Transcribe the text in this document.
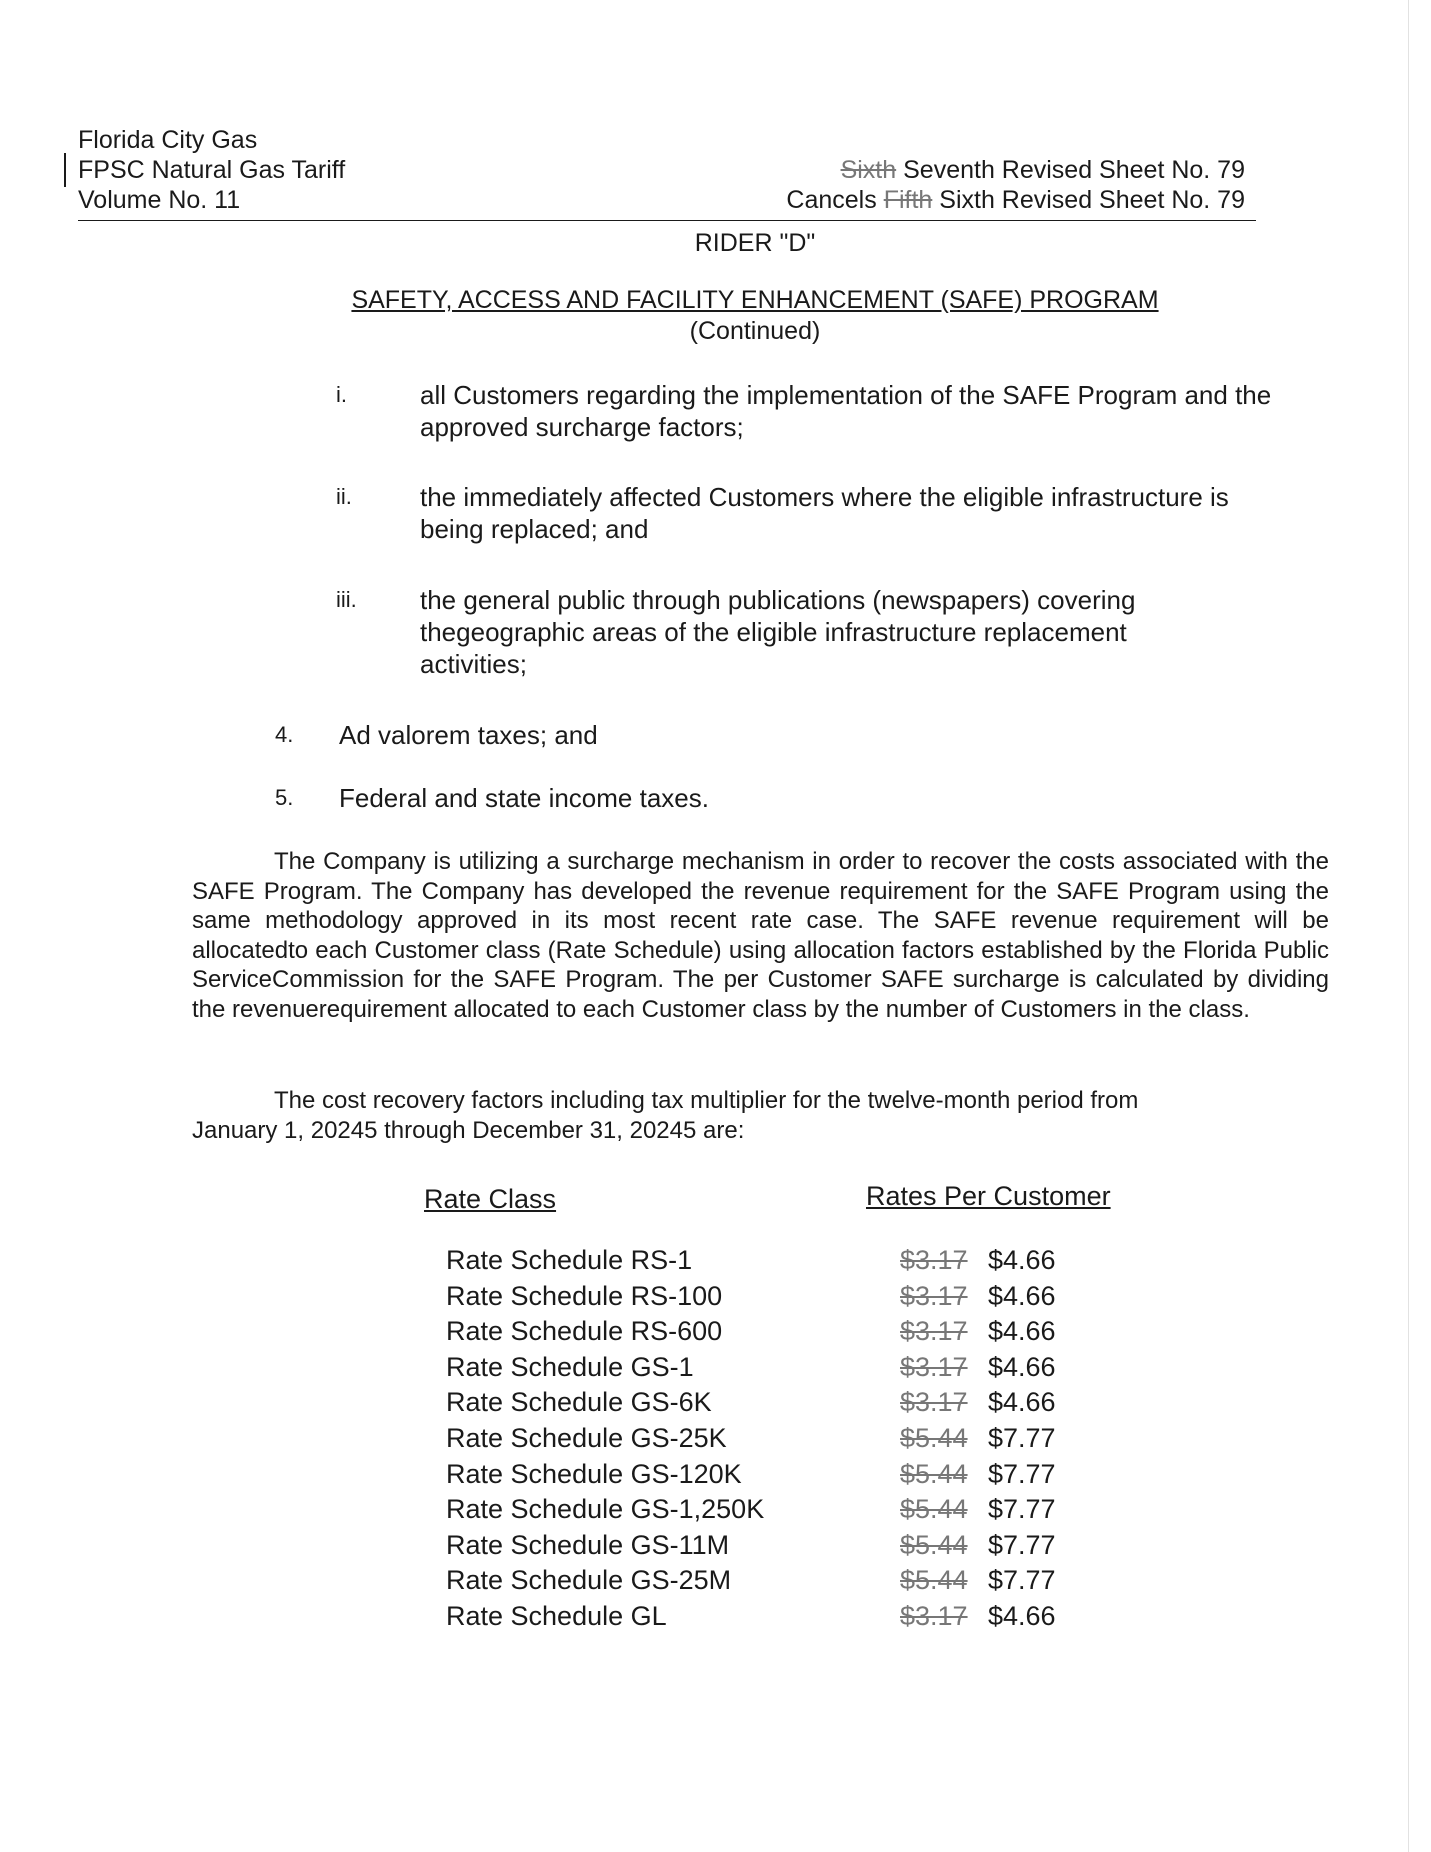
Florida City Gas
FPSC Natural Gas Tariff
Volume No. 11
Sixth Seventh Revised Sheet No. 79
Cancels Fifth Sixth Revised Sheet No. 79
RIDER "D"
SAFETY, ACCESS AND FACILITY ENHANCEMENT (SAFE) PROGRAM
(Continued)
i.	all Customers regarding the implementation of the SAFE Program and the approved surcharge factors;
ii.	the immediately affected Customers where the eligible infrastructure is being replaced; and
iii. the general public through publications (newspapers) covering thegeographic areas of the eligible infrastructure replacement activities;
4. Ad valorem taxes; and
5. Federal and state income taxes.

The Company is utilizing a surcharge mechanism in order to recover the costs associated with the SAFE Program. The Company has developed the revenue requirement for the SAFE Program using the same methodology approved in its most recent rate case. The SAFE revenue requirement will be allocatedto each Customer class (Rate Schedule) using allocation factors established by the Florida Public ServiceCommission for the SAFE Program. The per Customer SAFE surcharge is calculated by dividing the revenuerequirement allocated to each Customer class by the number of Customers in the class.

The cost recovery factors including tax multiplier for the twelve-month period from January 1, 20245 through December 31, 20245 are:

Rate Class	Rates Per Customer
Rate Schedule RS-1	$3.17 $4.66
Rate Schedule RS-100	$3.17 $4.66
Rate Schedule RS-600	$3.17 $4.66
Rate Schedule GS-1	$3.17 $4.66
Rate Schedule GS-6K	$3.17 $4.66
Rate Schedule GS-25K	$5.44 $7.77
Rate Schedule GS-120K	$5.44 $7.77
Rate Schedule GS-1,250K	$5.44 $7.77
Rate Schedule GS-11M	$5.44 $7.77
Rate Schedule GS-25M	$5.44 $7.77
Rate Schedule GL	$3.17 $4.66
